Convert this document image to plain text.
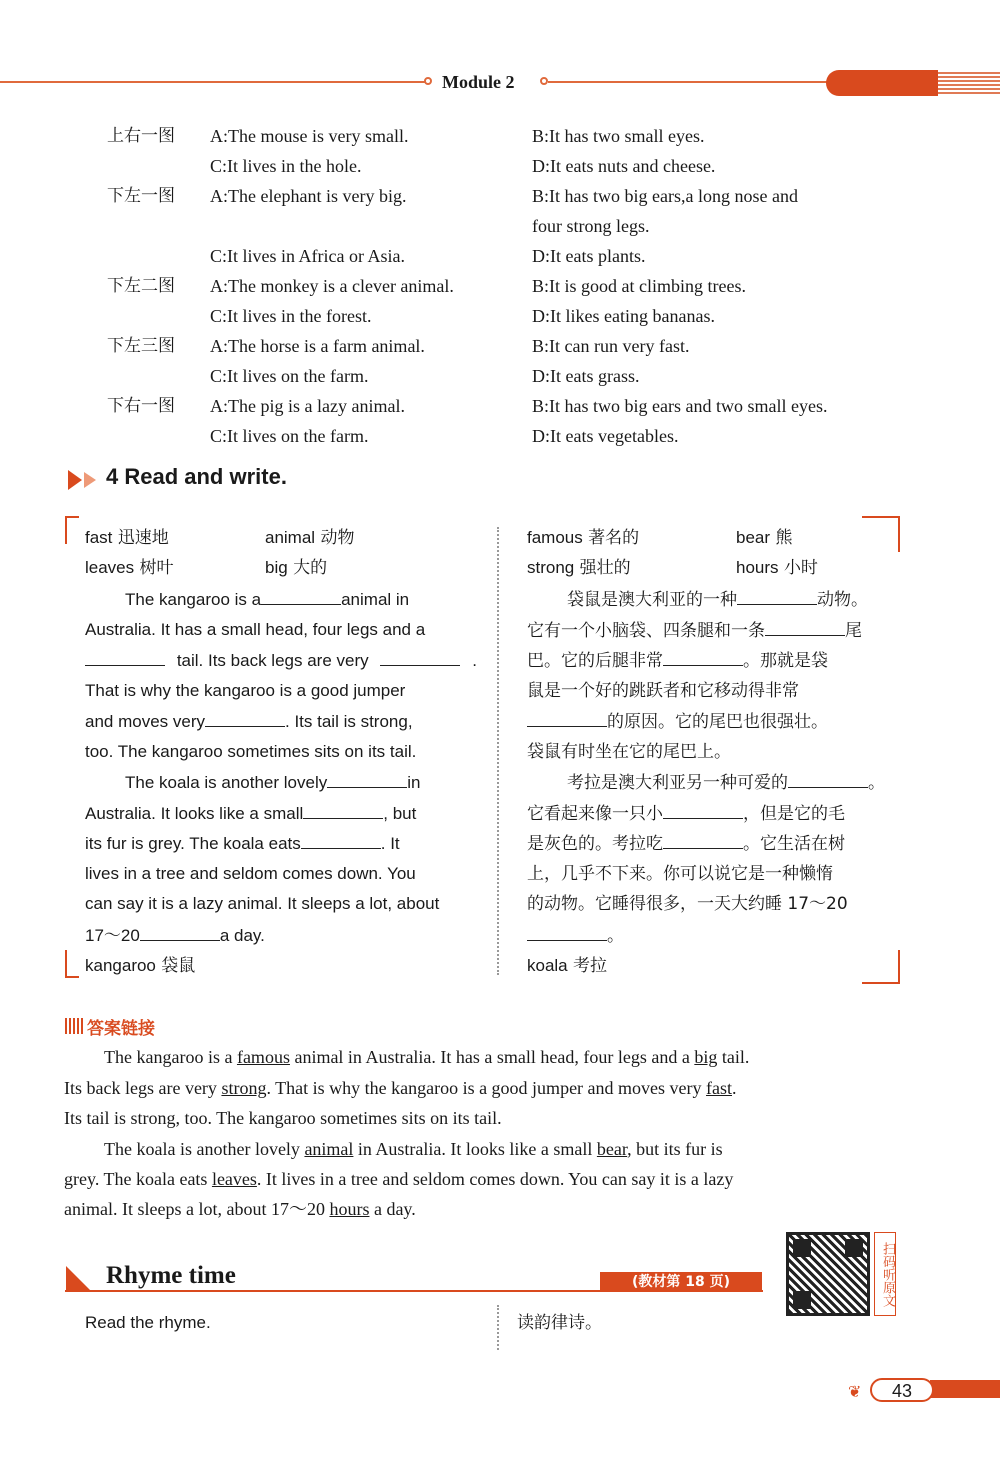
Module 2
上右一图 A:The mouse is very small.	B:It has two small eyes.
C:It lives in the hole.	D:It eats nuts and cheese.
下左一图 A:The elephant is very big.	B:It has two big ears,a long nose and
four strong legs.
C:It lives in Africa or Asia.	D:It eats plants.
下左二图 A:The monkey is a clever animal.	B:It is good at climbing trees.
C:It lives in the forest.	D:It likes eating bananas.
下左三图 A:The horse is a farm animal.	B:It can run very fast.
C:It lives on the farm.	D:It eats grass.
下右一图 A:The pig is a lazy animal.	B:It has two big ears and two small eyes.
C:It lives on the farm.	D:It eats vegetables.
4 Read and write.
fast 迅速地	animal 动物
leaves 树叶	big 大的
famous 著名的	bear 熊
strong 强壮的	hours 小时
The kangaroo is a	animal in
Australia. It has a small head, four legs and a
tail. Its back legs are very	.
That is why the kangaroo is a good jumper
and moves very	. Its tail is strong,
too. The kangaroo sometimes sits on its tail.
The koala is another lovely	in
Australia. It looks like a small	, but
its fur is grey. The koala eats	. It
lives in a tree and seldom comes down. You
can say it is a lazy animal. It sleeps a lot, about
17～20	a day.
袋鼠是澳大利亚的一种	动物。
它有一个小脑袋、四条腿和一条	尾
巴。它的后腿非常	。那就是袋
鼠是一个好的跳跃者和它移动得非常
的原因。它的尾巴也很强壮。
袋鼠有时坐在它的尾巴上。
考拉是澳大利亚另一种可爱的	。
它看起来像一只小	，但是它的毛
是灰色的。考拉吃	。它生活在树
上，几乎不下来。你可以说它是一种懒惰
的动物。它睡得很多，一天大约睡 17～20
。
kangaroo 袋鼠	koala 考拉
答案链接
The kangaroo is a famous animal in Australia. It has a small head, four legs and a big tail.
Its back legs are very strong. That is why the kangaroo is a good jumper and moves very fast.
Its tail is strong, too. The kangaroo sometimes sits on its tail.
The koala is another lovely animal in Australia. It looks like a small bear, but its fur is
grey. The koala eats leaves. It lives in a tree and seldom comes down. You can say it is a lazy
animal. It sleeps a lot, about 17～20 hours a day.
Rhyme time	(教材第 18 页)	扫码听原文
Read the rhyme.	读韵律诗。
❦	43
